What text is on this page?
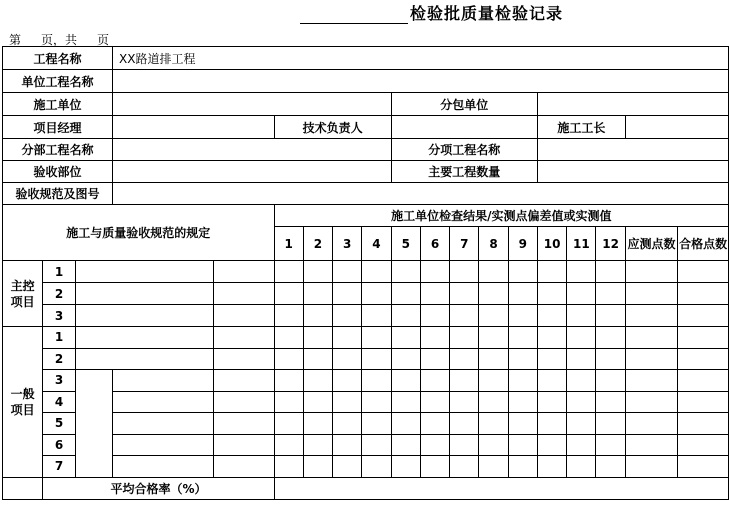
检验批质量检验记录
第 页，共 页
工程名称			XX路道排工程															
单位工程名称																		
施工单位									分包单位									
项目经理					技术负责人									施工工长				
分部工程名称									分项工程名称									
验收部位									主要工程数量									
验收规范及图号																		
施工与质量验收规范的规定					施工单位检查结果/实测点偏差值或实测值													
					1	2	3	4	5	6	7	8	9	10	11	12	应测点数	合格点数
主控项目	1																	
	2																	
	3																	
一般项目	1																	
	2																	
	3																	
	4																	
	5																	
	6																	
	7																	
	平均合格率（%）																	
